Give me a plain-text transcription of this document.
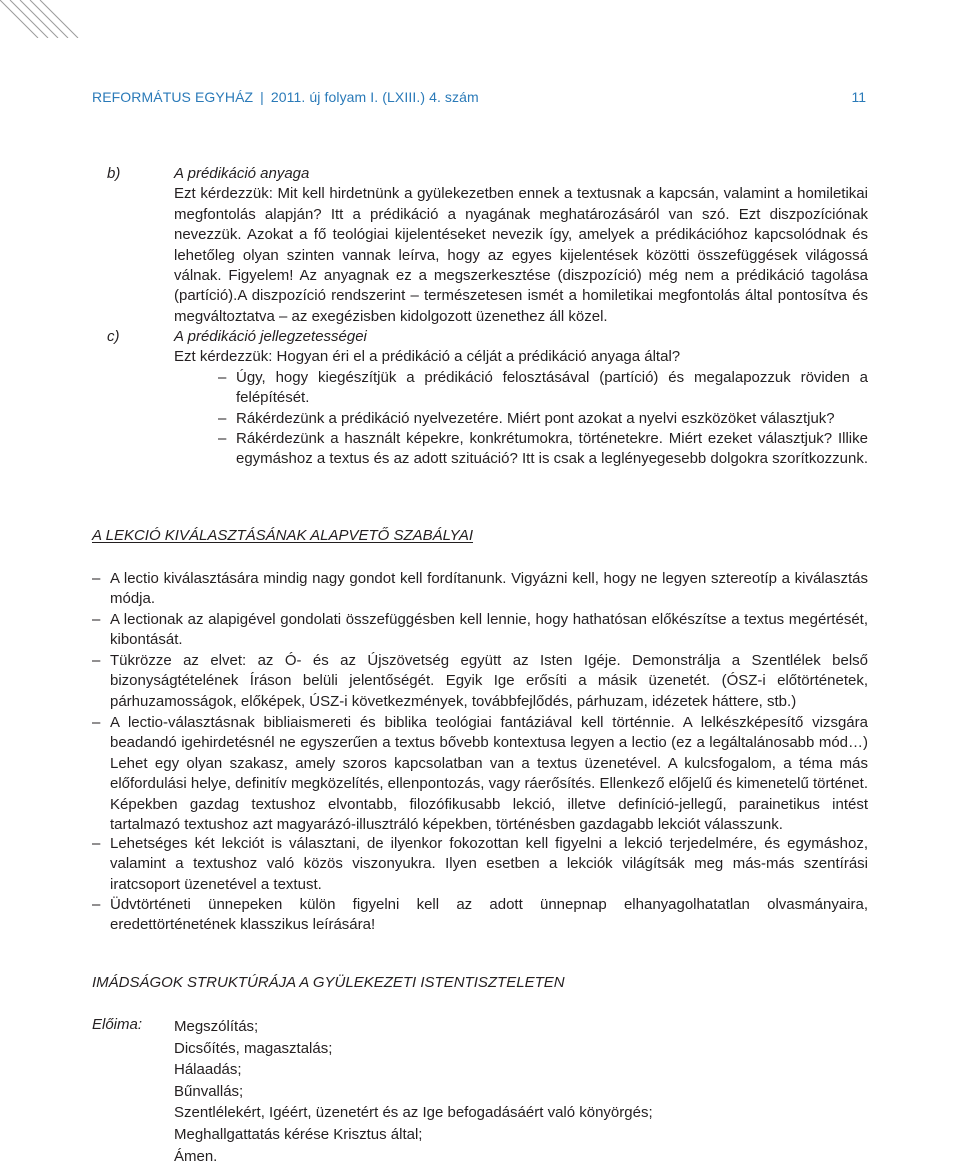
REFORMÁTUS EGYHÁZ | 2011. új folyam I. (LXIII.) 4. szám	11
b)	A prédikáció anyaga
Ezt kérdezzük: Mit kell hirdetnünk a gyülekezetben ennek a textusnak a kapcsán, valamint a homiletikai megfontolás alapján? Itt a prédikáció a nyagának meghatározásáról van szó. Ezt diszpozíciónak nevezzük. Azokat a fő teológiai kijelentéseket nevezik így, amelyek a prédikációhoz kapcsolódnak és lehetőleg olyan szinten vannak leírva, hogy az egyes kijelentések közötti összefüggések világossá válnak. Figyelem! Az anyagnak ez a megszerkesztése (diszpozíció) még nem a prédikáció tagolása (partíció).A diszpozíció rendszerint – természetesen ismét a homiletikai megfontolás által pontosítva és megváltoztatva – az exegézisben kidolgozott üzenethez áll közel.
c)	A prédikáció jellegzetességei
Ezt kérdezzük: Hogyan éri el a prédikáció a célját a prédikáció anyaga által?
– Úgy, hogy kiegészítjük a prédikáció felosztásával (partíció) és megalapozzuk röviden a felépítését.
– Rákérdezünk a prédikáció nyelvezetére. Miért pont azokat a nyelvi eszközöket választjuk?
– Rákérdezünk a használt képekre, konkrétumokra, történetekre. Miért ezeket választjuk? Illike egymáshoz a textus és az adott szituáció? Itt is csak a leglényegesebb dolgokra szorítkozzunk.
A LEKCIÓ KIVÁLASZTÁSÁNAK ALAPVETŐ SZABÁLYAI
– A lectio kiválasztására mindig nagy gondot kell fordítanunk. Vigyázni kell, hogy ne legyen sztereotíp a kiválasztás módja.
– A lectionak az alapigével gondolati összefüggésben kell lennie, hogy hathatósan előkészítse a textus megértését, kibontását.
– Tükrözze az elvet: az Ó- és az Újszövetség együtt az Isten Igéje. Demonstrálja a Szentlélek belső bizonyságtételének Íráson belüli jelentőségét. Egyik Ige erősíti a másik üzenetét. (ÓSZ-i előtörténetek, párhuzamosságok, előképek, ÚSZ-i következmények, továbbfejlődés, párhuzam, idézetek háttere, stb.)
– A lectio-választásnak bibliaismereti és biblika teológiai fantáziával kell történnie. A lelkészképesítő vizsgára beadandó igehirdetésnél ne egyszerűen a textus bővebb kontextusa legyen a lectio (ez a legáltalánosabb mód…) Lehet egy olyan szakasz, amely szoros kapcsolatban van a textus üzenetével. A kulcsfogalom, a téma más előfordulási helye, definitív megközelítés, ellenpontozás, vagy ráerősítés. Ellenkező előjelű és kimenetelű történet. Képekben gazdag textushoz elvontabb, filozófikusabb lekció, illetve definíció-jellegű, parainetikus intést tartalmazó textushoz azt magyarázó-illusztráló képekben, történésben gazdagabb lekciót válasszunk.
– Lehetséges két lekciót is választani, de ilyenkor fokozottan kell figyelni a lekció terjedelmére, és egymáshoz, valamint a textushoz való közös viszonyukra. Ilyen esetben a lekciók világítsák meg más-más szentírási iratcsoport üzenetével a textust.
– Üdvtörténeti ünnepeken külön figyelni kell az adott ünnepnap elhanyagolhatatlan olvasmányaira, eredettörténetének klasszikus leírására!
IMÁDSÁGOK STRUKTÚRÁJA A GYÜLEKEZETI ISTENTISZTELETEN
Előima: Megszólítás;
Dicsőítés, magasztalás;
Hálaadás;
Bűnvallás;
Szentlélekért, Igéért, üzenetért és az Ige befogadásáért való könyörgés;
Meghallgattatás kérése Krisztus által;
Ámen.
